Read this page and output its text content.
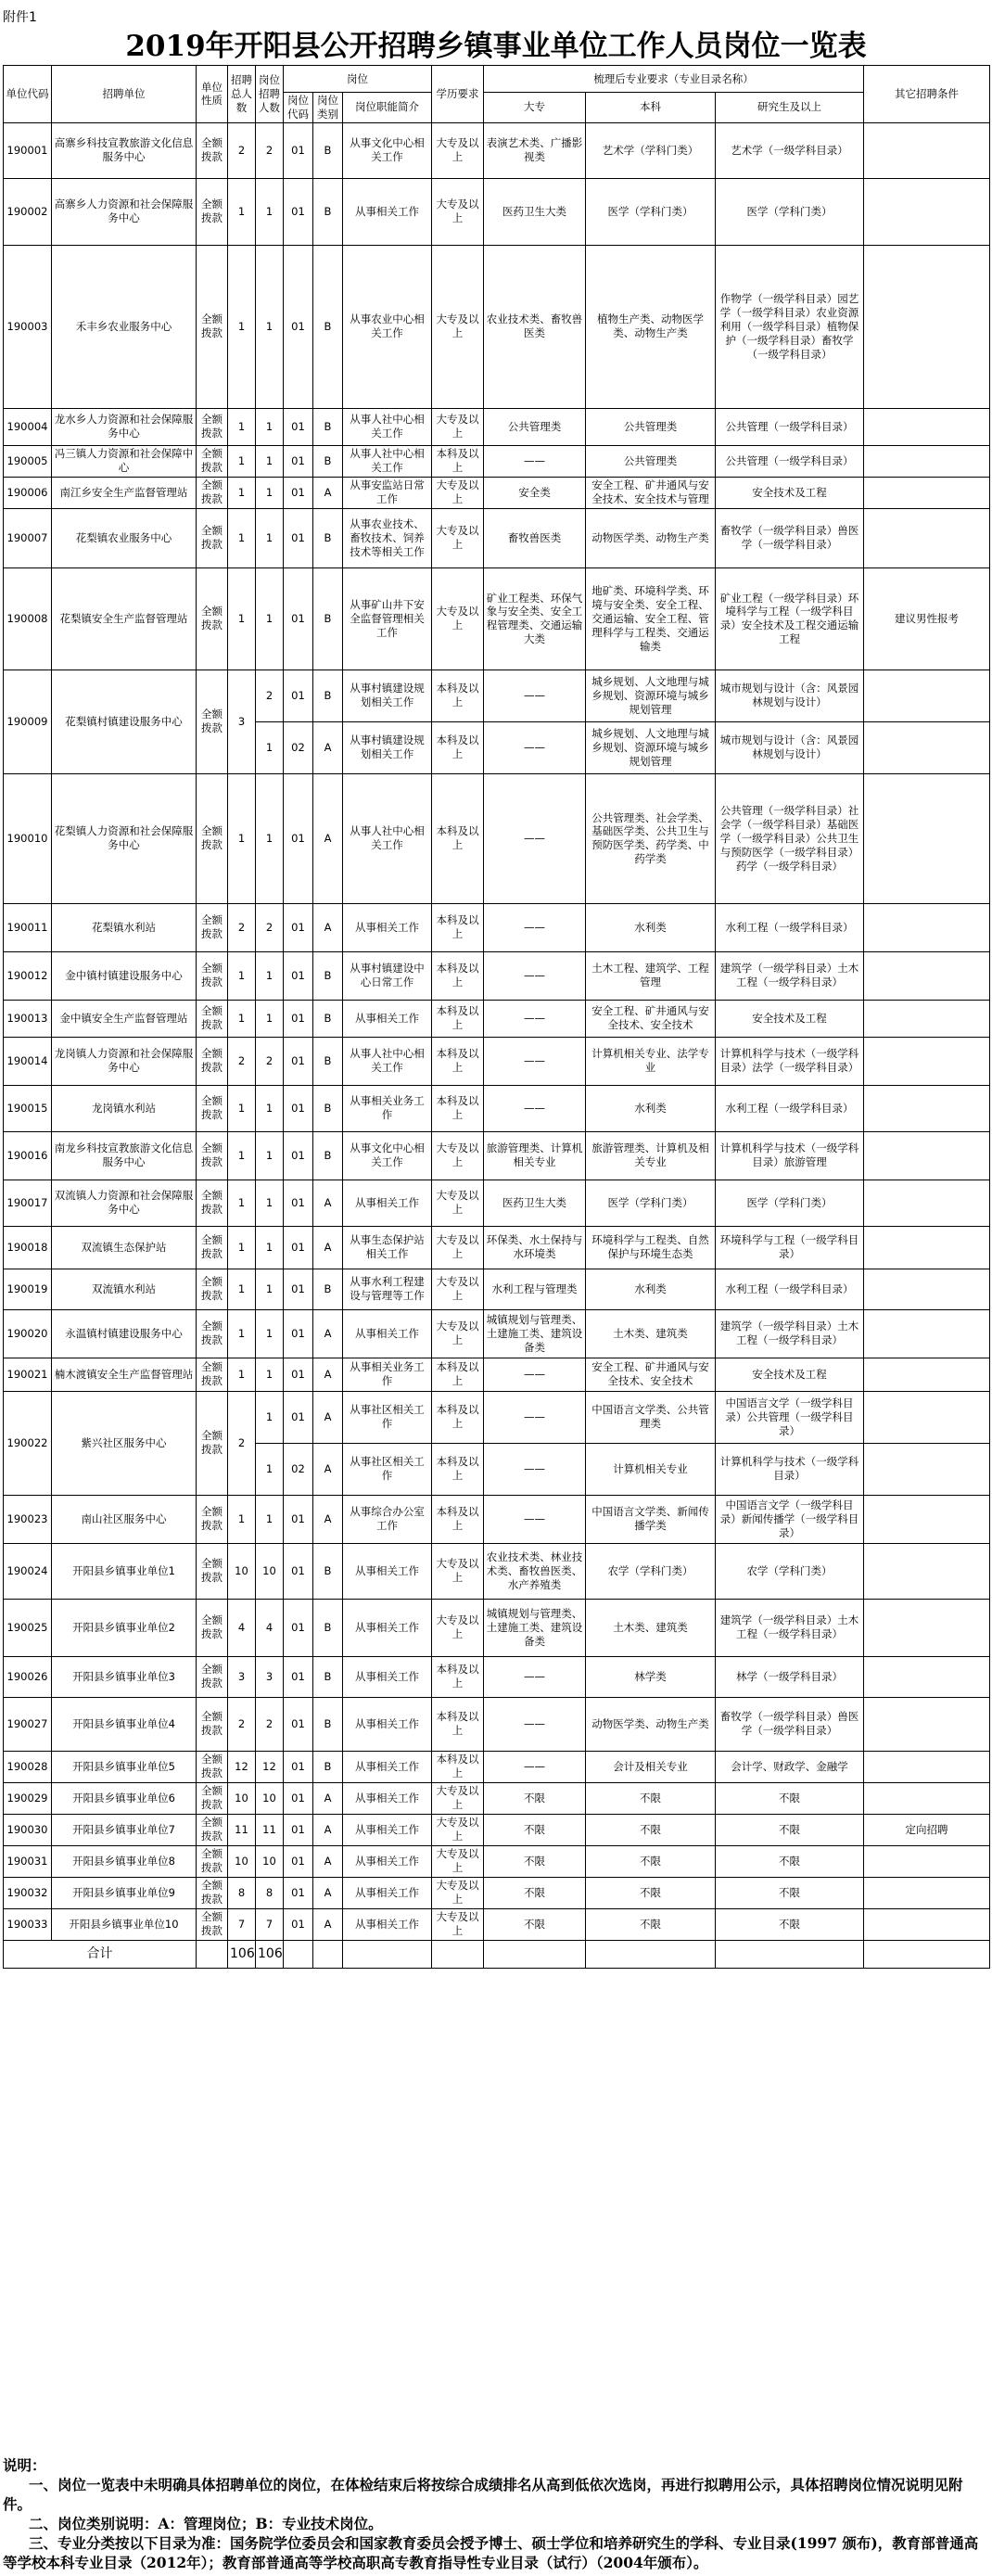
附件1
2019年开阳县公开招聘乡镇事业单位工作人员岗位一览表
单位代码	招聘单位	单位性质	招聘总人数	岗位招聘人数	岗位			学历要求	梳理后专业要求（专业目录名称）			其它招聘条件
					岗位代码	岗位类别	岗位职能简介		大专	本科	研究生及以上	
190001	高寨乡科技宣教旅游文化信息服务中心	全额拨款	2	2	01	B	从事文化中心相关工作	大专及以上	表演艺术类、广播影视类	艺术学（学科门类）	艺术学（一级学科目录）	
190002	高寨乡人力资源和社会保障服务中心	全额拨款	1	1	01	B	从事相关工作	大专及以上	医药卫生大类	医学（学科门类）	医学（学科门类）	
190003	禾丰乡农业服务中心	全额拨款	1	1	01	B	从事农业中心相关工作	大专及以上	农业技术类、畜牧兽医类	植物生产类、动物医学类、动物生产类	作物学（一级学科目录）园艺学（一级学科目录）农业资源利用（一级学科目录）植物保护（一级学科目录）畜牧学（一级学科目录）	
190004	龙水乡人力资源和社会保障服务中心	全额拨款	1	1	01	B	从事人社中心相关工作	大专及以上	公共管理类	公共管理类	公共管理（一级学科目录）	
190005	冯三镇人力资源和社会保障中心	全额拨款	1	1	01	B	从事人社中心相关工作	本科及以上	——	公共管理类	公共管理（一级学科目录）	
190006	南江乡安全生产监督管理站	全额拨款	1	1	01	A	从事安监站日常工作	大专及以上	安全类	安全工程、矿井通风与安全技术、安全技术与管理	安全技术及工程	
190007	花梨镇农业服务中心	全额拨款	1	1	01	B	从事农业技术、畜牧技术、饲养技术等相关工作	大专及以上	畜牧兽医类	动物医学类、动物生产类	畜牧学（一级学科目录）兽医学（一级学科目录）	
190008	花梨镇安全生产监督管理站	全额拨款	1	1	01	B	从事矿山井下安全监督管理相关工作	大专及以上	矿业工程类、环保气象与安全类、安全工程管理类、交通运输大类	地矿类、环境科学类、环境与安全类、安全工程、交通运输、安全工程、管理科学与工程类、交通运输类	矿业工程（一级学科目录）环境科学与工程（一级学科目录）安全技术及工程交通运输工程	建议男性报考
190009	花梨镇村镇建设服务中心	全额拨款	3	2	01	B	从事村镇建设规划相关工作	本科及以上	——	城乡规划、人文地理与城乡规划、资源环境与城乡规划管理	城市规划与设计（含：风景园林规划与设计）	
				1	02	A	从事村镇建设规划相关工作	本科及以上	——	城乡规划、人文地理与城乡规划、资源环境与城乡规划管理	城市规划与设计（含：风景园林规划与设计）	
190010	花梨镇人力资源和社会保障服务中心	全额拨款	1	1	01	A	从事人社中心相关工作	本科及以上	——	公共管理类、社会学类、基础医学类、公共卫生与预防医学类、药学类、中药学类	公共管理（一级学科目录）社会学（一级学科目录）基础医学（一级学科目录）公共卫生与预防医学（一级学科目录）药学（一级学科目录）	
190011	花梨镇水利站	全额拨款	2	2	01	A	从事相关工作	本科及以上	——	水利类	水利工程（一级学科目录）	
190012	金中镇村镇建设服务中心	全额拨款	1	1	01	B	从事村镇建设中心日常工作	本科及以上	——	土木工程、建筑学、工程管理	建筑学（一级学科目录）土木工程（一级学科目录）	
190013	金中镇安全生产监督管理站	全额拨款	1	1	01	B	从事相关工作	本科及以上	——	安全工程、矿井通风与安全技术、安全技术	安全技术及工程	
190014	龙岗镇人力资源和社会保障服务中心	全额拨款	2	2	01	B	从事人社中心相关工作	本科及以上	——	计算机相关专业、法学专业	计算机科学与技术（一级学科目录）法学（一级学科目录）	
190015	龙岗镇水利站	全额拨款	1	1	01	B	从事相关业务工作	本科及以上	——	水利类	水利工程（一级学科目录）	
190016	南龙乡科技宣教旅游文化信息服务中心	全额拨款	1	1	01	B	从事文化中心相关工作	大专及以上	旅游管理类、计算机相关专业	旅游管理类、计算机及相关专业	计算机科学与技术（一级学科目录）旅游管理	
190017	双流镇人力资源和社会保障服务中心	全额拨款	1	1	01	A	从事相关工作	大专及以上	医药卫生大类	医学（学科门类）	医学（学科门类）	
190018	双流镇生态保护站	全额拨款	1	1	01	A	从事生态保护站相关工作	大专及以上	环保类、水土保持与水环境类	环境科学与工程类、自然保护与环境生态类	环境科学与工程（一级学科目录）	
190019	双流镇水利站	全额拨款	1	1	01	B	从事水利工程建设与管理等工作	大专及以上	水利工程与管理类	水利类	水利工程（一级学科目录）	
190020	永温镇村镇建设服务中心	全额拨款	1	1	01	A	从事相关工作	大专及以上	城镇规划与管理类、土建施工类、建筑设备类	土木类、建筑类	建筑学（一级学科目录）土木工程（一级学科目录）	
190021	楠木渡镇安全生产监督管理站	全额拨款	1	1	01	A	从事相关业务工作	本科及以上	——	安全工程、矿井通风与安全技术、安全技术	安全技术及工程	
190022	紫兴社区服务中心	全额拨款	2	1	01	A	从事社区相关工作	本科及以上	——	中国语言文学类、公共管理类	中国语言文学（一级学科目录）公共管理（一级学科目录）	
				1	02	A	从事社区相关工作	本科及以上	——	计算机相关专业	计算机科学与技术（一级学科目录）	
190023	南山社区服务中心	全额拨款	1	1	01	A	从事综合办公室工作	本科及以上	——	中国语言文学类、新闻传播学类	中国语言文学（一级学科目录）新闻传播学（一级学科目录）	
190024	开阳县乡镇事业单位1	全额拨款	10	10	01	B	从事相关工作	大专及以上	农业技术类、林业技术类、畜牧兽医类、水产养殖类	农学（学科门类）	农学（学科门类）	
190025	开阳县乡镇事业单位2	全额拨款	4	4	01	B	从事相关工作	大专及以上	城镇规划与管理类、土建施工类、建筑设备类	土木类、建筑类	建筑学（一级学科目录）土木工程（一级学科目录）	
190026	开阳县乡镇事业单位3	全额拨款	3	3	01	B	从事相关工作	本科及以上	——	林学类	林学（一级学科目录）	
190027	开阳县乡镇事业单位4	全额拨款	2	2	01	B	从事相关工作	本科及以上	——	动物医学类、动物生产类	畜牧学（一级学科目录）兽医学（一级学科目录）	
190028	开阳县乡镇事业单位5	全额拨款	12	12	01	B	从事相关工作	本科及以上	——	会计及相关专业	会计学、财政学、金融学	
190029	开阳县乡镇事业单位6	全额拨款	10	10	01	A	从事相关工作	大专及以上	不限	不限	不限	
190030	开阳县乡镇事业单位7	全额拨款	11	11	01	A	从事相关工作	大专及以上	不限	不限	不限	定向招聘
190031	开阳县乡镇事业单位8	全额拨款	10	10	01	A	从事相关工作	大专及以上	不限	不限	不限	
190032	开阳县乡镇事业单位9	全额拨款	8	8	01	A	从事相关工作	大专及以上	不限	不限	不限	
190033	开阳县乡镇事业单位10	全额拨款	7	7	01	A	从事相关工作	大专及以上	不限	不限	不限	
合计			106	106								
说明：
一、岗位一览表中未明确具体招聘单位的岗位，在体检结束后将按综合成绩排名从高到低依次选岗，再进行拟聘用公示，具体招聘岗位情况说明见附件。
二、岗位类别说明：A：管理岗位；B：专业技术岗位。
三、专业分类按以下目录为准：国务院学位委员会和国家教育委员会授予博士、硕士学位和培养研究生的学科、专业目录(1997 颁布)，教育部普通高等学校本科专业目录（2012年）；教育部普通高等学校高职高专教育指导性专业目录（试行）（2004年颁布）。
